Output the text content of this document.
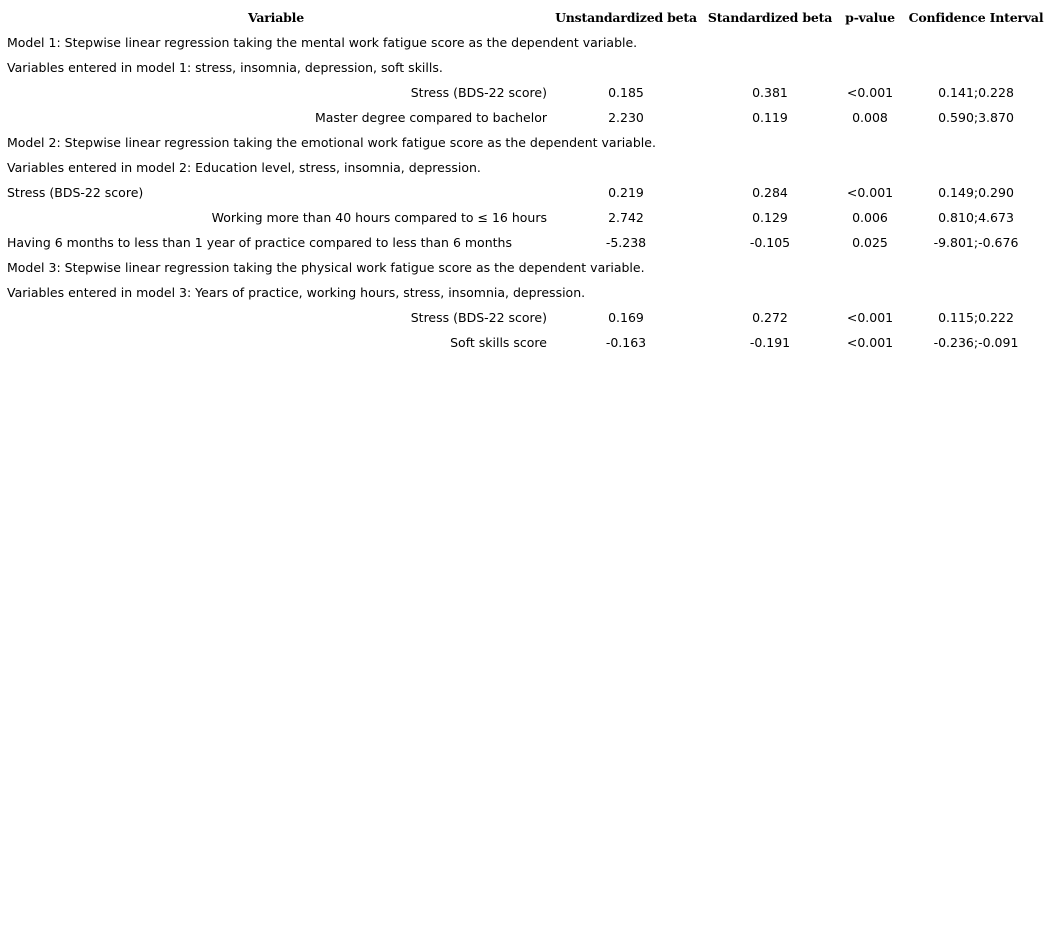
Variable	Unstandardized beta	Standardized beta	p-value	Confidence Interval
Model 1: Stepwise linear regression taking the mental work fatigue score as the dependent variable.				
Variables entered in model 1: stress, insomnia, depression, soft skills.				
Stress (BDS-22 score)	0.185	0.381	<0.001	0.141;0.228
Master degree compared to bachelor	2.230	0.119	0.008	0.590;3.870
Model 2: Stepwise linear regression taking the emotional work fatigue score as the dependent variable.				
Variables entered in model 2: Education level, stress, insomnia, depression.				
Stress (BDS-22 score)	0.219	0.284	<0.001	0.149;0.290
Working more than 40 hours compared to ≤ 16 hours	2.742	0.129	0.006	0.810;4.673
Having 6 months to less than 1 year of practice compared to less than 6 months	-5.238	-0.105	0.025	-9.801;-0.676
Model 3: Stepwise linear regression taking the physical work fatigue score as the dependent variable.				
Variables entered in model 3: Years of practice, working hours, stress, insomnia, depression.				
Stress (BDS-22 score)	0.169	0.272	<0.001	0.115;0.222
Soft skills score	-0.163	-0.191	<0.001	-0.236;-0.091
